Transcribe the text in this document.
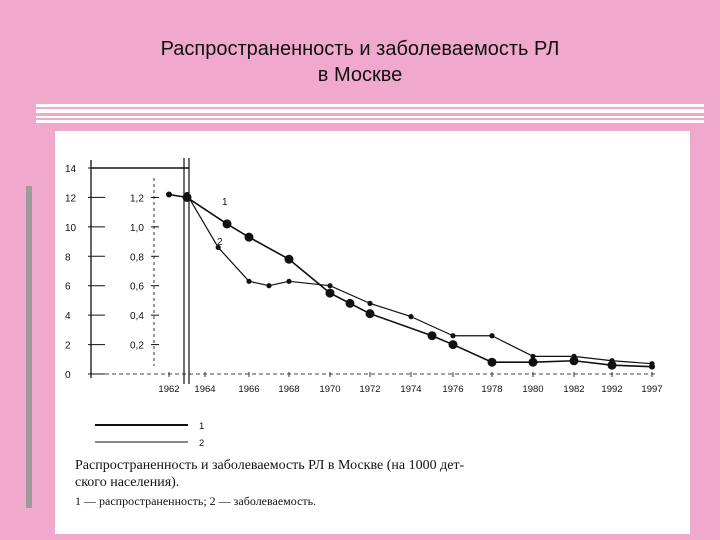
Распространенность и заболеваемость РЛ
в Москве
14
12
10
8
6
4
2
0
1,2
1,0
0,8
0,6
0,4
0,2
1962 1964 1966 1968 1970 1972 1974 1976 1978 1980 1982 1992 1997
1
2
1
2
Распространенность и заболеваемость РЛ в Москве (на 1000 дет-
ского населения).
1 — распространенность; 2 — заболеваемость.
